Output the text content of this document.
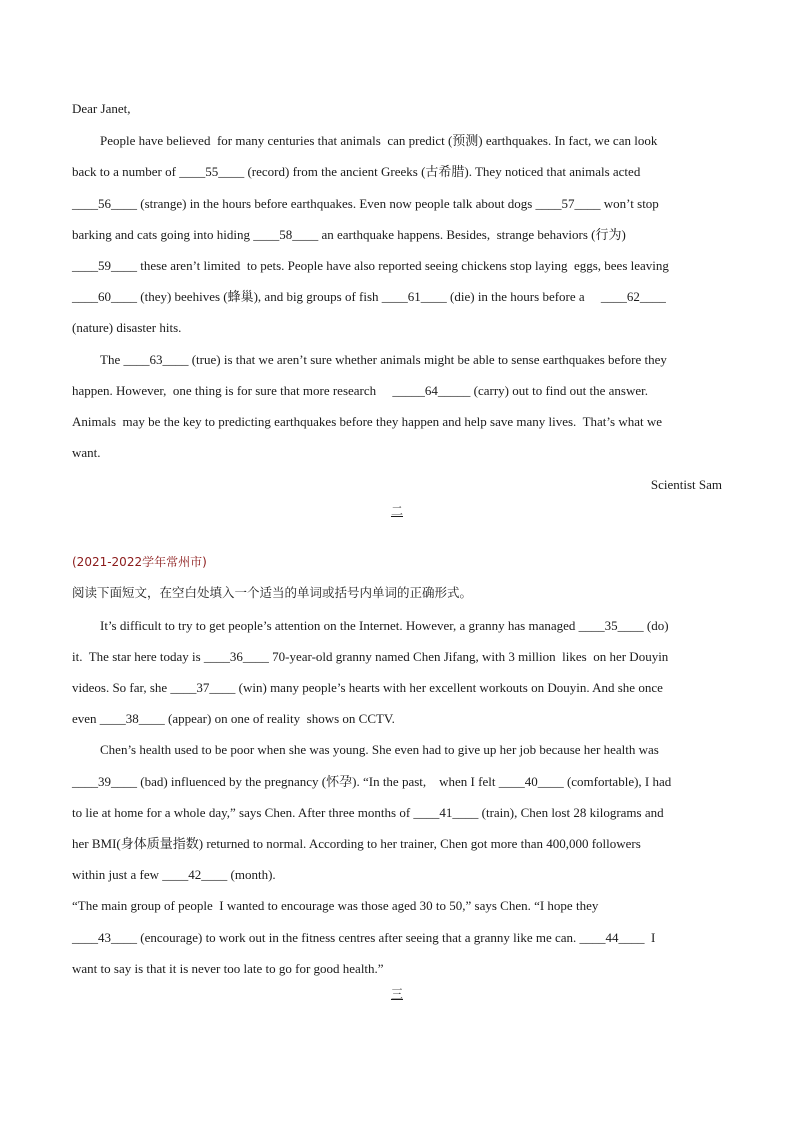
Dear Janet,
People have believed  for many centuries that animals  can predict (预测) earthquakes. In fact, we can look
back to a number of ____55____ (record) from the ancient Greeks (古希腊). They noticed that animals acted
____56____ (strange) in the hours before earthquakes. Even now people talk about dogs ____57____ won’t stop
barking and cats going into hiding ____58____ an earthquake happens. Besides,  strange behaviors (行为)
____59____ these aren’t limited  to pets. People have also reported seeing chickens stop laying  eggs, bees leaving
____60____ (they) beehives (蜂巢), and big groups of fish ____61____ (die) in the hours before a     ____62____
(nature) disaster hits.
The ____63____ (true) is that we aren’t sure whether animals might be able to sense earthquakes before they
happen. However,  one thing is for sure that more research     _____64_____ (carry) out to find out the answer.
Animals  may be the key to predicting earthquakes before they happen and help save many lives.  That’s what we
want.
Scientist Sam
二
(2021-2022学年常州市)
阅读下面短文，在空白处填入一个适当的单词或括号内单词的正确形式。
It’s difficult to try to get people’s attention on the Internet. However, a granny has managed ____35____ (do)
it.  The star here today is ____36____ 70-year-old granny named Chen Jifang, with 3 million  likes  on her Douyin
videos. So far, she ____37____ (win) many people’s hearts with her excellent workouts on Douyin. And she once
even ____38____ (appear) on one of reality  shows on CCTV.
Chen’s health used to be poor when she was young. She even had to give up her job because her health was
____39____ (bad) influenced by the pregnancy (怀孕). “In the past,    when I felt ____40____ (comfortable), I had
to lie at home for a whole day,” says Chen. After three months of ____41____ (train), Chen lost 28 kilograms and
her BMI(身体质量指数) returned to normal. According to her trainer, Chen got more than 400,000 followers
within just a few ____42____ (month).
“The main group of people  I wanted to encourage was those aged 30 to 50,” says Chen. “I hope they
____43____ (encourage) to work out in the fitness centres after seeing that a granny like me can. ____44____  I
want to say is that it is never too late to go for good health.”
三
